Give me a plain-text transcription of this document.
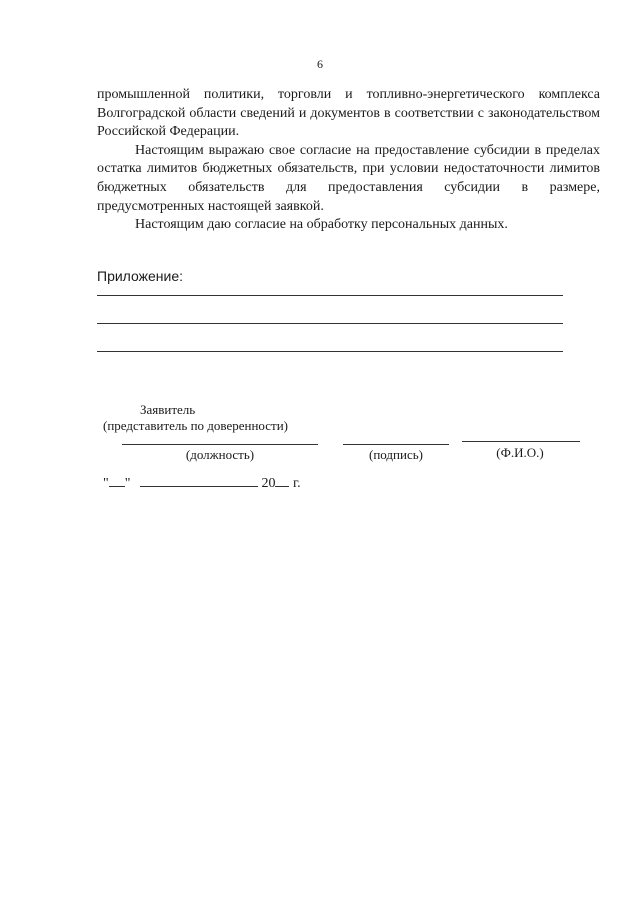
6

промышленной политики, торговли и топливно-энергетического комплекса Волгоградской области сведений и документов в соответствии с законодательством Российской Федерации.

Настоящим выражаю свое согласие на предоставление субсидии в пределах остатка лимитов бюджетных обязательств, при условии недостаточности лимитов бюджетных обязательств для предоставления субсидии в размере, предусмотренных настоящей заявкой.

Настоящим даю согласие на обработку персональных данных.

Приложение:
Заявитель
(представитель по доверенности)
(должность)	(подпись)	(Ф.И.О.)
" "	20 г.
